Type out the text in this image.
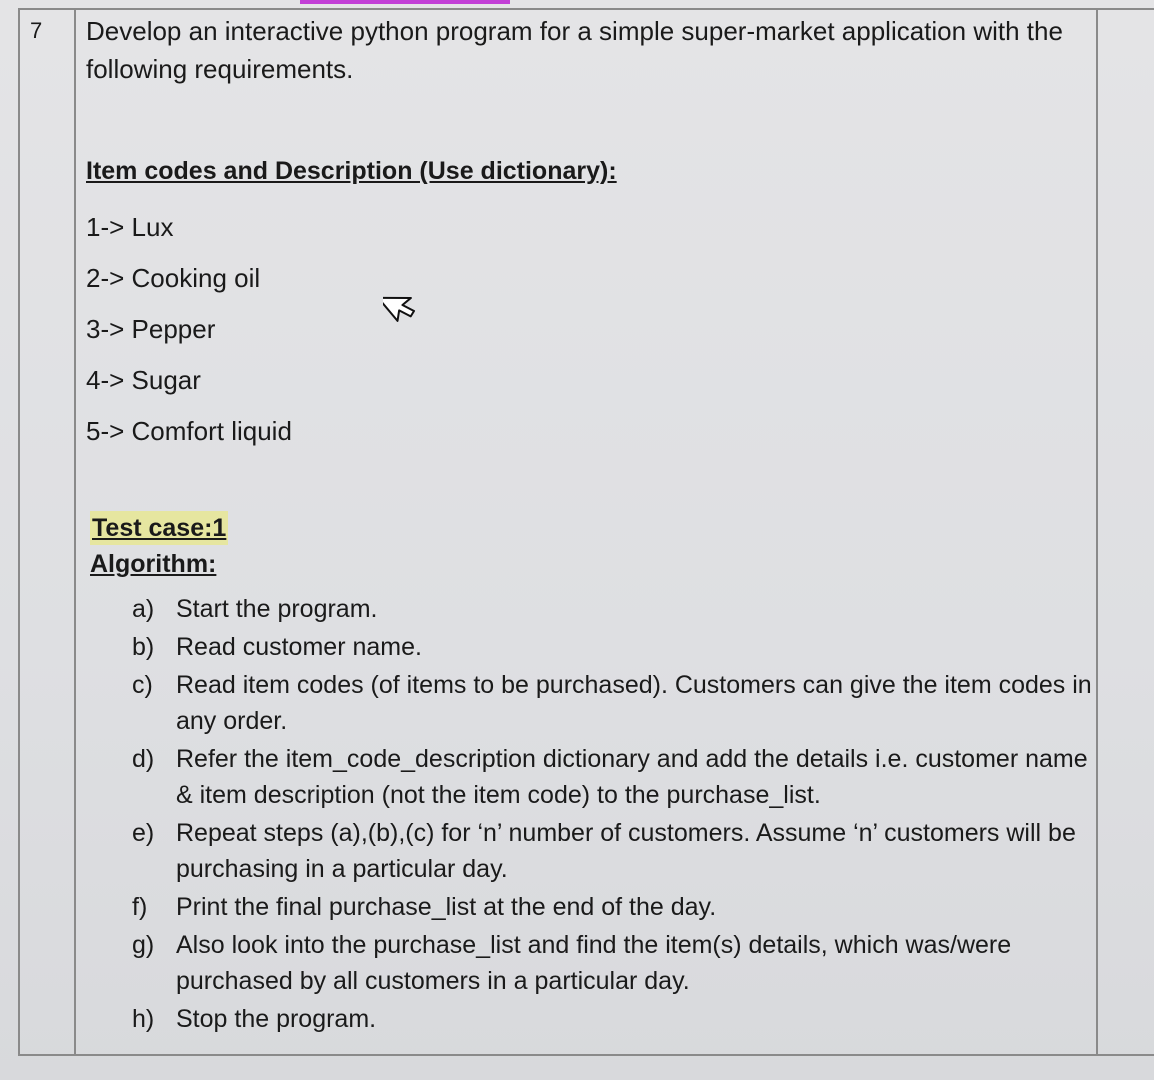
7 Develop an interactive python program for a simple super-market application with the following requirements.

Item codes and Description (Use dictionary):
1-> Lux
2-> Cooking oil
3-> Pepper
4-> Sugar
5-> Comfort liquid
Test case:1
Algorithm:
a) Start the program.
b) Read customer name.
c) Read item codes (of items to be purchased). Customers can give the item codes in any order.
d) Refer the item_code_description dictionary and add the details i.e. customer name & item description (not the item code) to the purchase_list.
e) Repeat steps (a),(b),(c) for ‘n’ number of customers. Assume ‘n’ customers will be purchasing in a particular day.
f) Print the final purchase_list at the end of the day.
g) Also look into the purchase_list and find the item(s) details, which was/were purchased by all customers in a particular day.
h) Stop the program.
